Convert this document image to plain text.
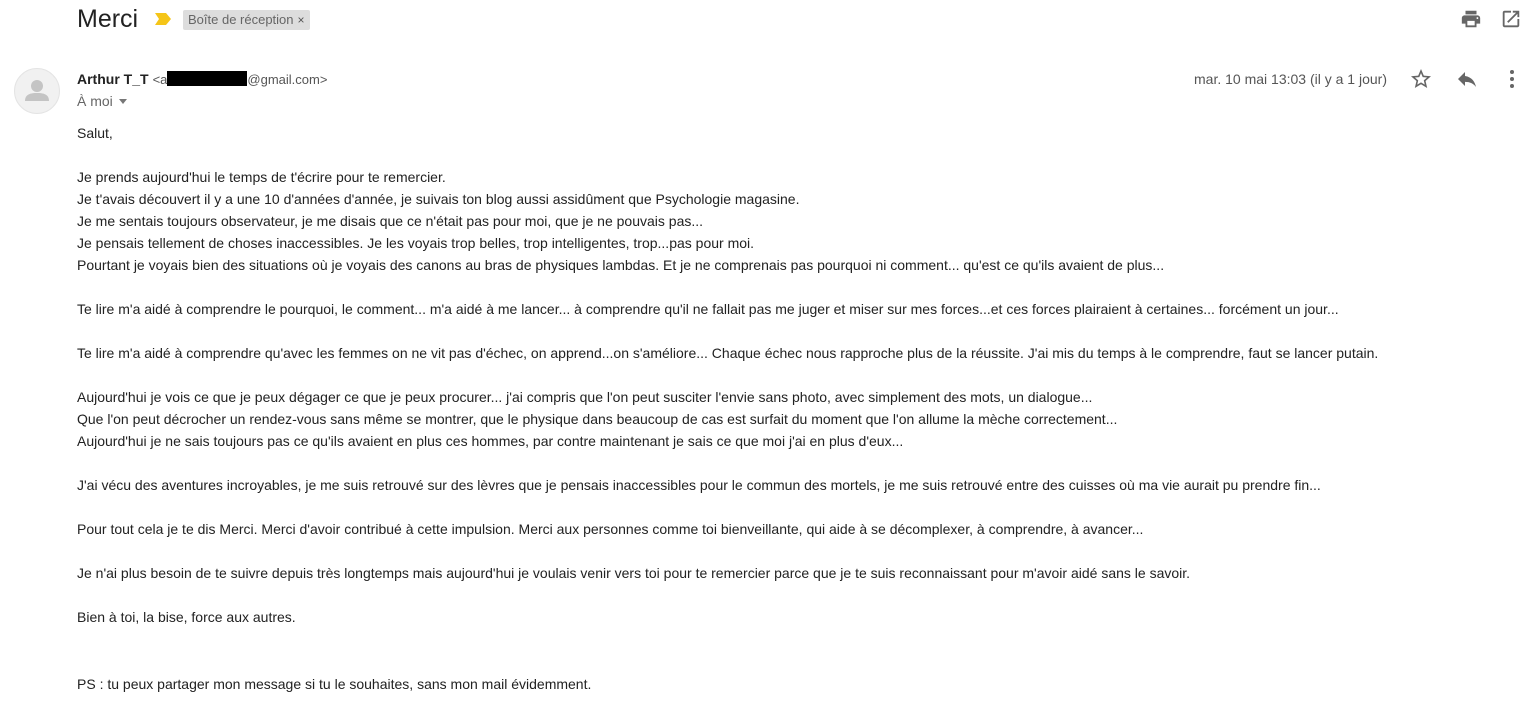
Merci	Boîte de réception ×
Arthur T_T <a	@gmail.com>
À moi
mar. 10 mai 13:03 (il y a 1 jour)

Salut,

Je prends aujourd'hui le temps de t'écrire pour te remercier.

Je t'avais découvert il y a une 10 d'années d'année, je suivais ton blog aussi assidûment que Psychologie magasine.

Je me sentais toujours observateur, je me disais que ce n'était pas pour moi, que je ne pouvais pas...

Je pensais tellement de choses inaccessibles. Je les voyais trop belles, trop intelligentes, trop...pas pour moi.

Pourtant je voyais bien des situations où je voyais des canons au bras de physiques lambdas. Et je ne comprenais pas pourquoi ni comment... qu'est ce qu'ils avaient de plus...

Te lire m'a aidé à comprendre le pourquoi, le comment... m'a aidé à me lancer... à comprendre qu'il ne fallait pas me juger et miser sur mes forces...et ces forces plairaient à certaines... forcément un jour...

Te lire m'a aidé à comprendre qu'avec les femmes on ne vit pas d'échec, on apprend...on s'améliore... Chaque échec nous rapproche plus de la réussite. J'ai mis du temps à le comprendre, faut se lancer putain.

Aujourd'hui je vois ce que je peux dégager ce que je peux procurer... j'ai compris que l'on peut susciter l'envie sans photo, avec simplement des mots, un dialogue...

Que l'on peut décrocher un rendez-vous sans même se montrer, que le physique dans beaucoup de cas est surfait du moment que l'on allume la mèche correctement...

Aujourd'hui je ne sais toujours pas ce qu'ils avaient en plus ces hommes, par contre maintenant je sais ce que moi j'ai en plus d'eux...

J'ai vécu des aventures incroyables, je me suis retrouvé sur des lèvres que je pensais inaccessibles pour le commun des mortels, je me suis retrouvé entre des cuisses où ma vie aurait pu prendre fin...

Pour tout cela je te dis Merci. Merci d'avoir contribué à cette impulsion. Merci aux personnes comme toi bienveillante, qui aide à se décomplexer, à comprendre, à avancer...

Je n'ai plus besoin de te suivre depuis très longtemps mais aujourd'hui je voulais venir vers toi pour te remercier parce que je te suis reconnaissant pour m'avoir aidé sans le savoir.

Bien à toi, la bise, force aux autres.

PS : tu peux partager mon message si tu le souhaites, sans mon mail évidemment.
